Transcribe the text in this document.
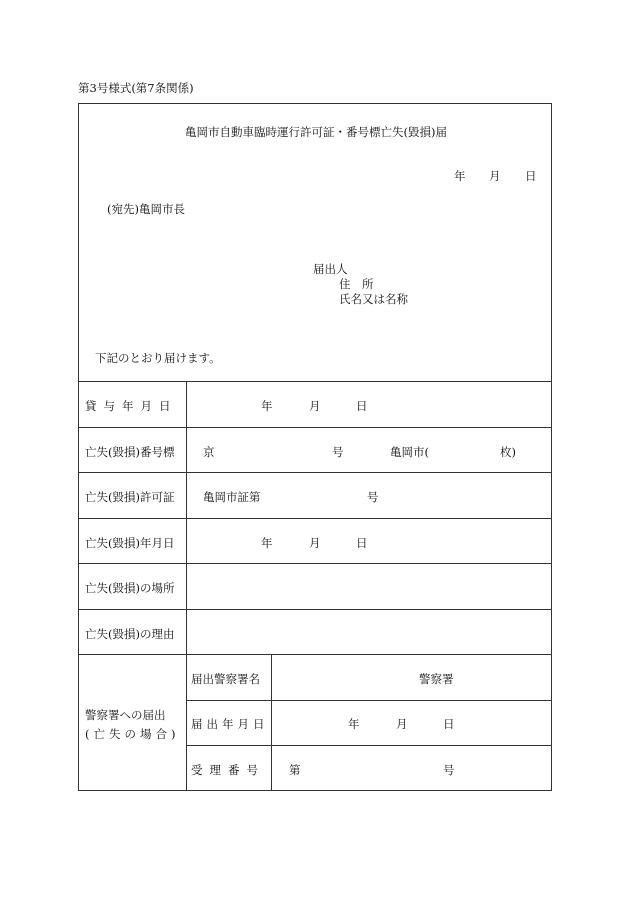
第3号様式(第7条関係)
亀岡市自動車臨時運行許可証・番号標亡失(毀損)届
年 月 日
(宛先)亀岡市長
届出人
住　所
氏名又は名称
下記のとおり届けます。
貸与年月日	年	月	日
亡失(毀損)番号標 京	号	亀岡市(	枚)
亡失(毀損)許可証 亀岡市証第	号
亡失(毀損)年月日	年	月	日
亡失(毀損)の場所
亡失(毀損)の理由
警察署への届出
(亡失の場合)
届出警察署名	警察署
届出年月日	年	月	日
受理番号 第	号
